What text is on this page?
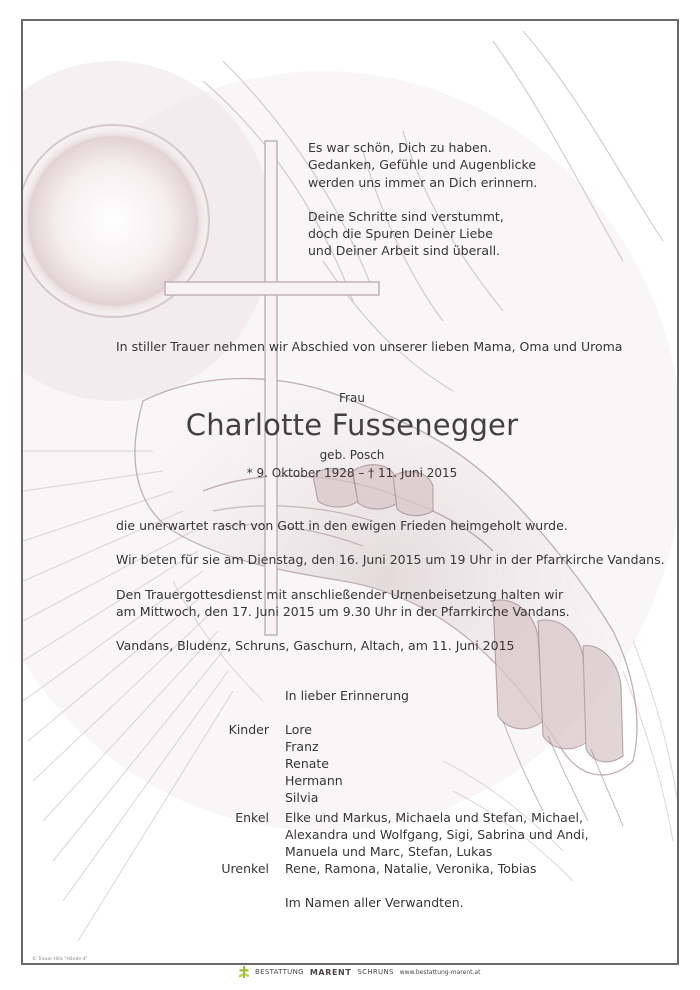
Es war schön, Dich zu haben.
Gedanken, Gefühle und Augenblicke
werden uns immer an Dich erinnern.
Deine Schritte sind verstummt,
doch die Spuren Deiner Liebe
und Deiner Arbeit sind überall.
In stiller Trauer nehmen wir Abschied von unserer lieben Mama, Oma und Uroma
Frau
Charlotte Fussenegger
geb. Posch
* 9. Oktober 1928 – † 11. Juni 2015
die unerwartet rasch von Gott in den ewigen Frieden heimgeholt wurde.
Wir beten für sie am Dienstag, den 16. Juni 2015 um 19 Uhr in der Pfarrkirche Vandans.
Den Trauergottesdienst mit anschließender Urnenbeisetzung halten wir
am Mittwoch, den 17. Juni 2015 um 9.30 Uhr in der Pfarrkirche Vandans.
Vandans, Bludenz, Schruns, Gaschurn, Altach, am 11. Juni 2015
In lieber Erinnerung
Kinder Lore
Franz
Renate
Hermann
Silvia
Enkel Elke und Markus, Michaela und Stefan, Michael,
Alexandra und Wolfgang, Sigi, Sabrina und Andi,
Manuela und Marc, Stefan, Lukas
Urenkel Rene, Ramona, Natalie, Veronika, Tobias
Im Namen aller Verwandten.
© Trauer Hills "Hände 4"
BESTATTUNG MARENT SCHRUNS www.bestattung-marent.at
